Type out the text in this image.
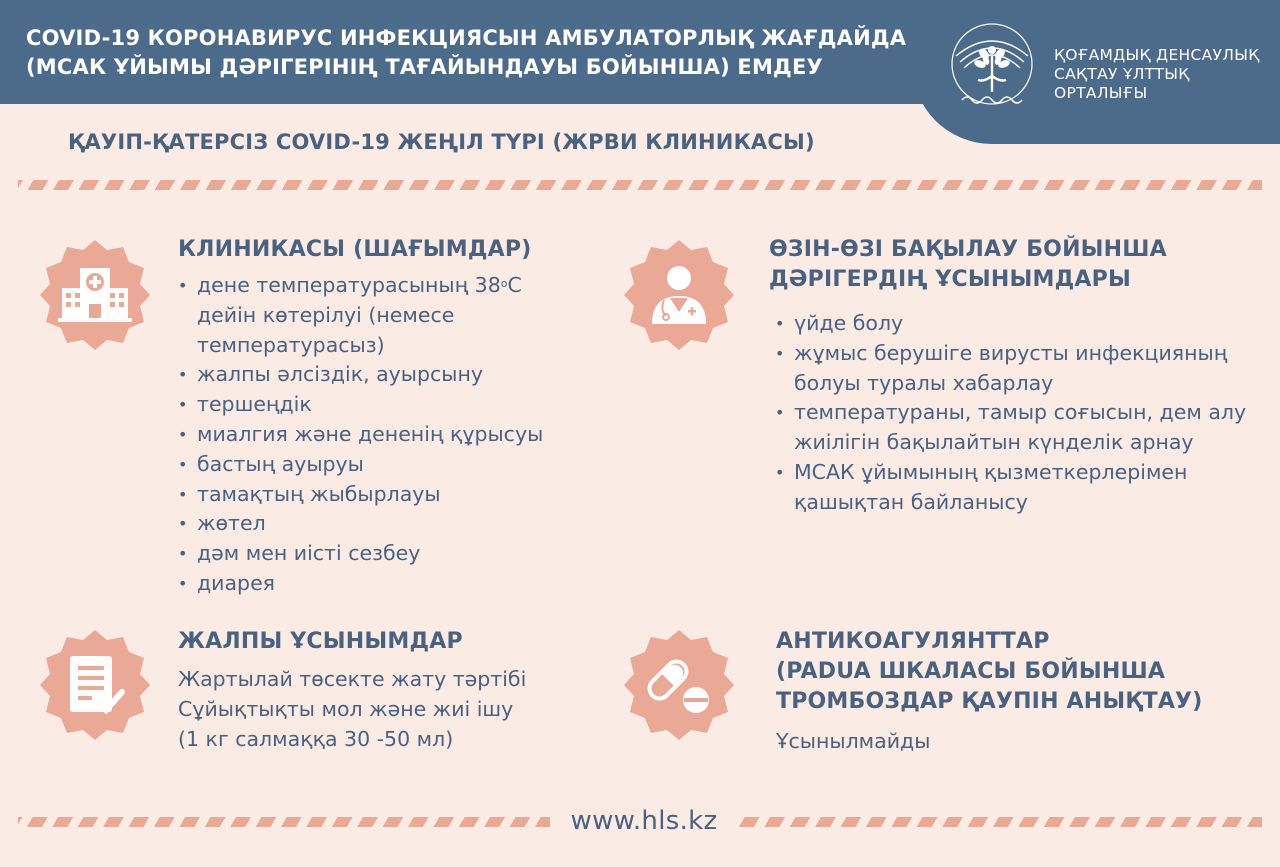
COVID-19 КОРОНАВИРУС ИНФЕКЦИЯСЫН АМБУЛАТОРЛЫҚ ЖАҒДАЙДА
(МСАК ҰЙЫМЫ ДӘРІГЕРІНІҢ ТАҒАЙЫНДАУЫ БОЙЫНША) ЕМДЕУ	ҚОҒАМДЫҚ ДЕНСАУЛЫҚ
САҚТАУ ҰЛТТЫҚ
ОРТАЛЫҒЫ
ҚАУІП-ҚАТЕРСІЗ COVID-19 ЖЕҢІЛ ТҮРІ (ЖРВИ КЛИНИКАСЫ)
КЛИНИКАСЫ (ШАҒЫМДАР)
• дене температурасының $38^оС$
дейін көтерілуі (немесе
температурасыз)
• жалпы әлсіздік, ауырсыну
• тершеңдік
• миалгия және дененің құрысуы
• бастың ауыруы
• тамақтың жыбырлауы
• жөтел
• дәм мен иісті сезбеу
• диарея
ӨЗІН-ӨЗІ БАҚЫЛАУ БОЙЫНША
ДӘРІГЕРДІҢ ҰСЫНЫМДАРЫ
• үйде болу
• жұмыс берушіге вирусты инфекцияның болуы туралы хабарлау
• температураны, тамыр соғысын, дем алу жиілігін бақылайтын күнделік арнау
• МСАК ұйымының қызметкерлерімен қашықтан байланысу
ЖАЛПЫ ҰСЫНЫМДАР
Жартылай төсекте жату тәртібі
Сұйықтықты мол және жиі ішу
(1 кг салмаққа 30 -50 мл)
АНТИКОАГУЛЯНТТАР
(PADUA ШКАЛАСЫ БОЙЫНША
ТРОМБОЗДАР ҚАУПІН АНЫҚТАУ)
Ұсынылмайды
www.hls.kz
